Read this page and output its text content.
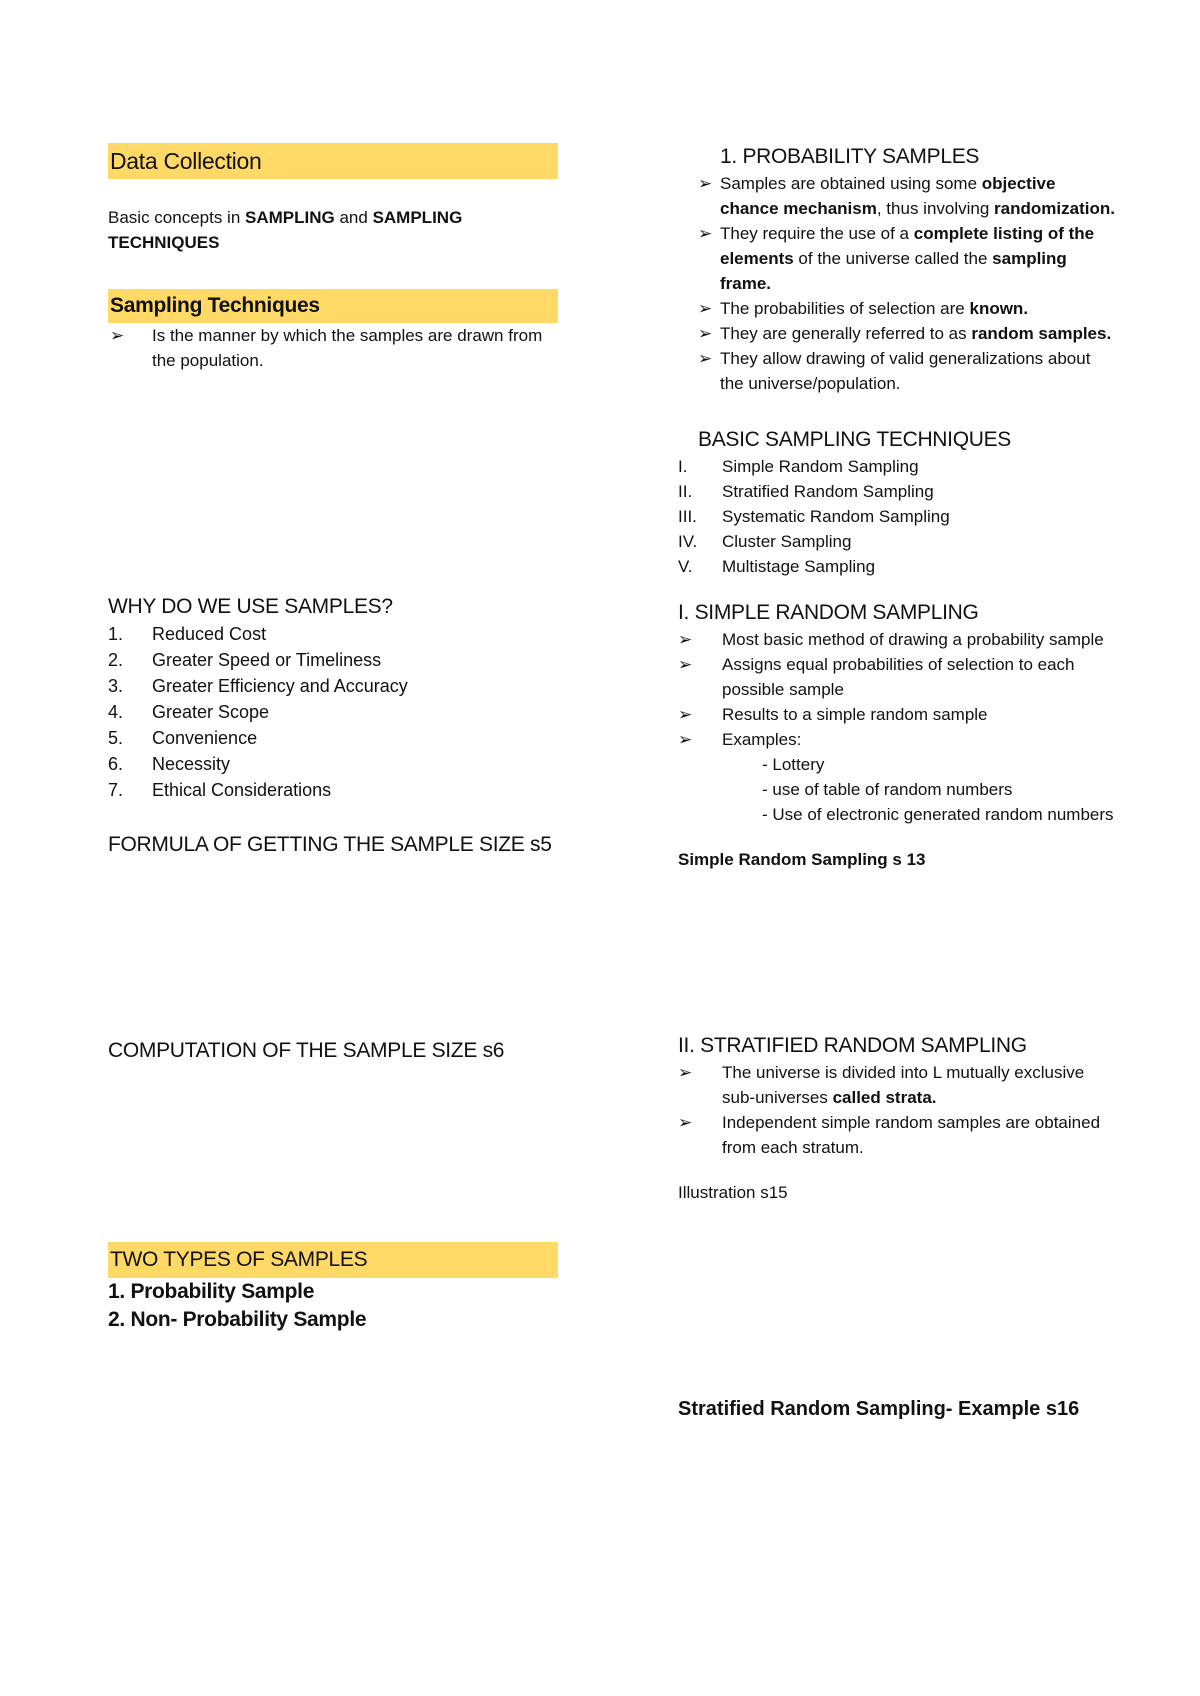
Data Collection

Basic concepts in SAMPLING and SAMPLING TECHNIQUES

Sampling Techniques
➢	Is the manner by which the samples are drawn from the population.
WHY DO WE USE SAMPLES?
1.	Reduced Cost
2.	Greater Speed or Timeliness
3.	Greater Efficiency and Accuracy
4.	Greater Scope
5.	Convenience
6.	Necessity
7.	Ethical Considerations
FORMULA OF GETTING THE SAMPLE SIZE s5
COMPUTATION OF THE SAMPLE SIZE s6
TWO TYPES OF SAMPLES
1. Probability Sample
2. Non- Probability Sample
1. PROBABILITY SAMPLES
➢ Samples are obtained using some objective chance mechanism, thus involving randomization.
➢ They require the use of a complete listing of the elements of the universe called the sampling frame.
➢ The probabilities of selection are known.
➢ They are generally referred to as random samples.
➢ They allow drawing of valid generalizations about the universe/population.
BASIC SAMPLING TECHNIQUES
I.	Simple Random Sampling
II.	Stratified Random Sampling
III.	Systematic Random Sampling
IV.	Cluster Sampling
V.	Multistage Sampling
I. SIMPLE RANDOM SAMPLING
➢	Most basic method of drawing a probability sample
➢	Assigns equal probabilities of selection to each possible sample
➢	Results to a simple random sample
➢	Examples:
- Lottery
- use of table of random numbers
- Use of electronic generated random numbers
Simple Random Sampling s 13
II. STRATIFIED RANDOM SAMPLING
➢	The universe is divided into L mutually exclusive sub-universes called strata.
➢	Independent simple random samples are obtained from each stratum.
Illustration s15
Stratified Random Sampling- Example s16
